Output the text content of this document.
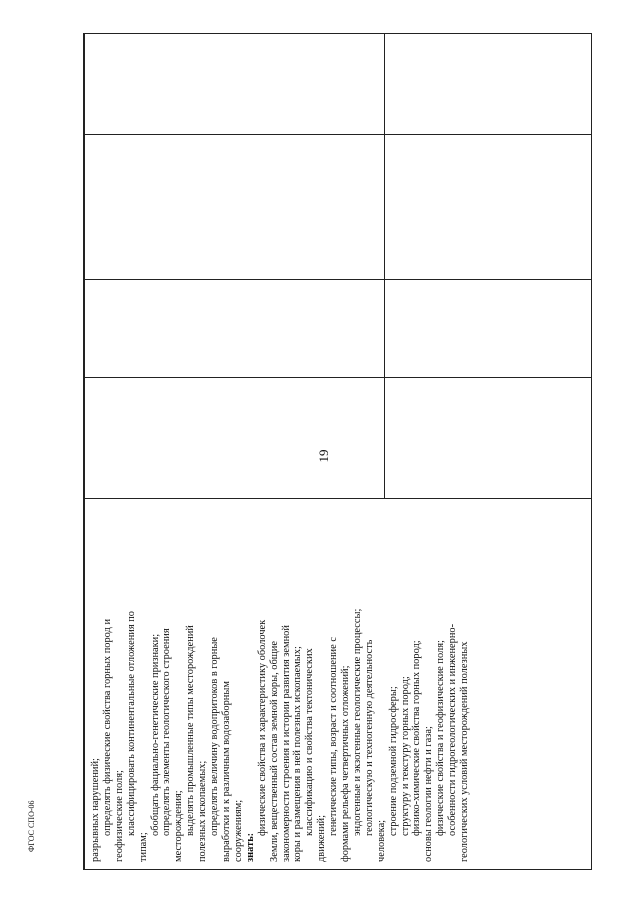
19
разрывных нарушений; определять физические свойства горных пород и геофизические поля; классифицировать континентальные отложения по
типам;
обобщать фациально-генетические признаки; определять элементы геологического строения месторождения; выделять промышленные типы месторождений полезных ископаемых; определять величину водопритоков в горные выработки и к различным водозаборным сооружениям; знать:
физические свойства и характеристику оболочек Земли, вещественный состав земной коры, общие закономерности строения и истории развития земной коры и размещения в ней полезных ископаемых; классификацию и свойства тектонических
движений;
генетические типы, возраст и соотношение с формами рельефа четвертичных отложений; эндогенные и экзогенные геологические процессы; геологическую и техногенную деятельность
человека;
строение подземной гидросферы; структуру и текстуру горных пород; физико-химические свойства горных пород; основы геологии нефти и газа; физические свойства и геофизические поля; особенности гидрогеологических и инженерно- геологических условий месторождений полезных
ФГОС СПО-06
